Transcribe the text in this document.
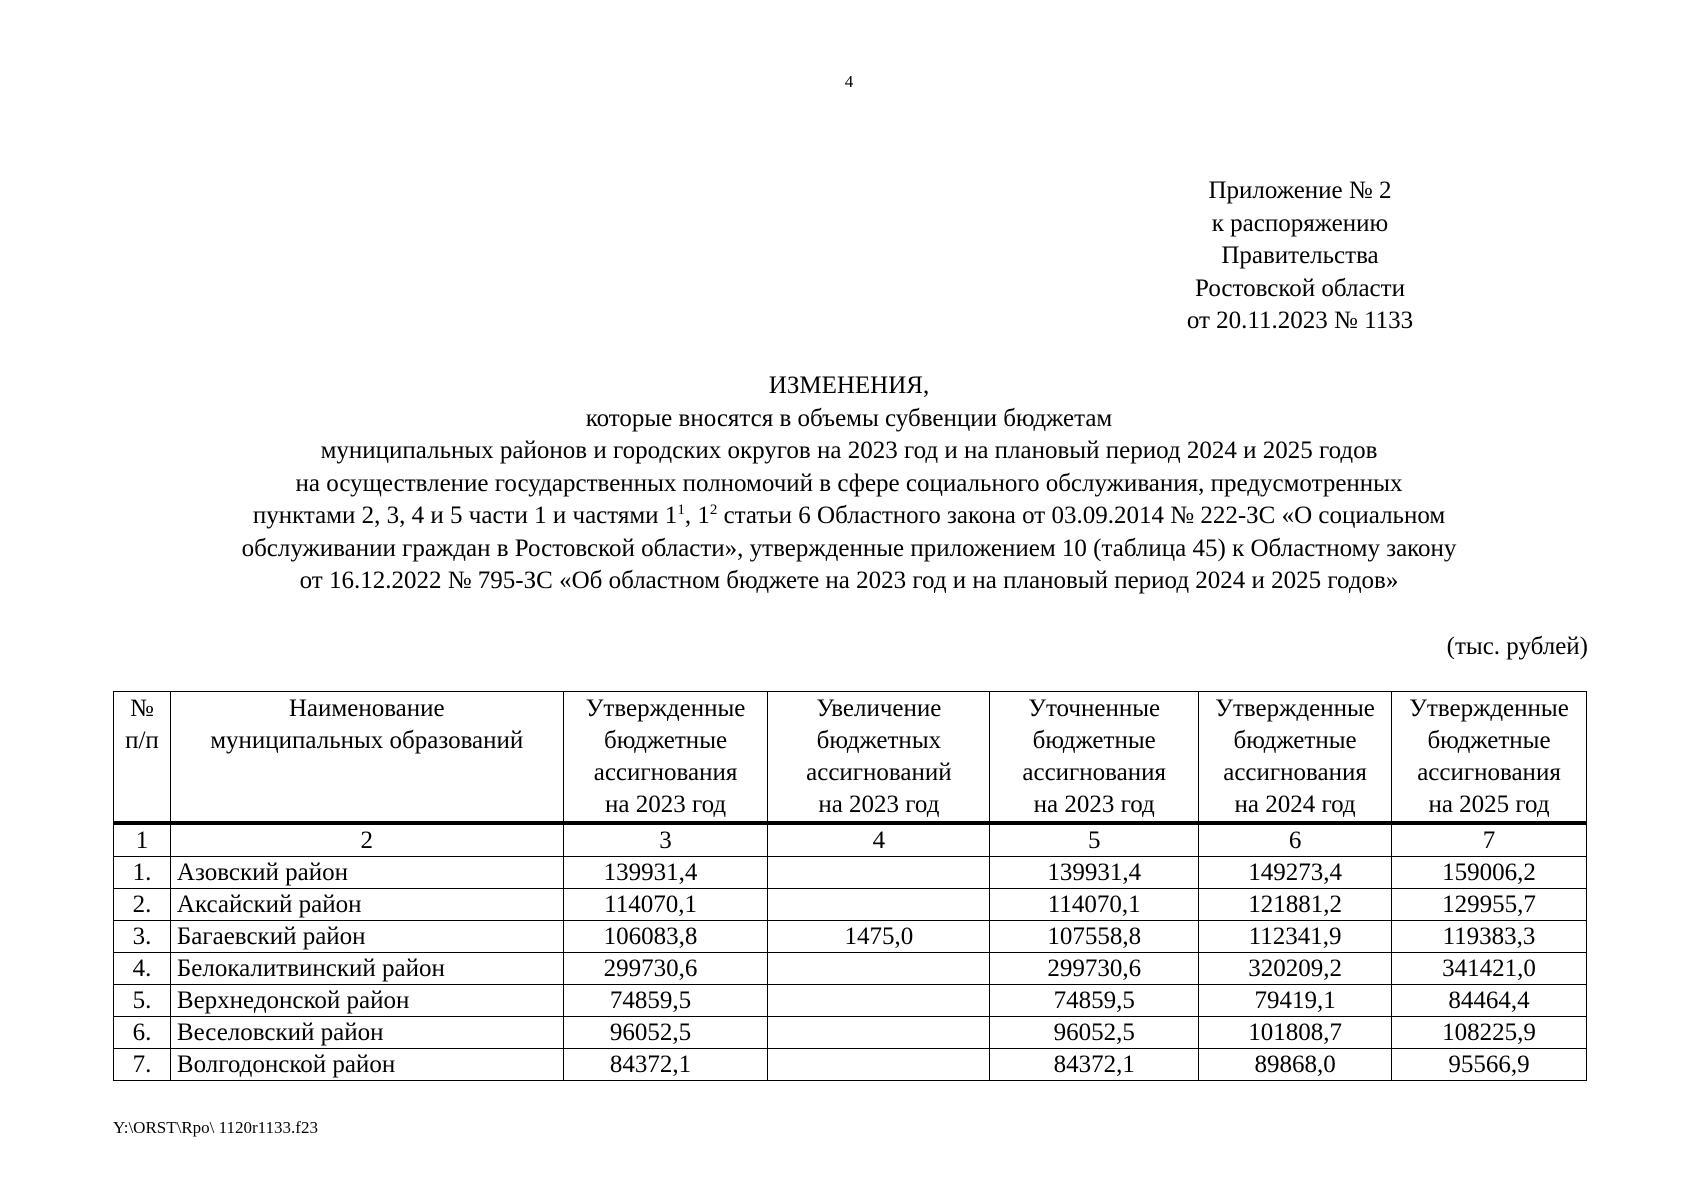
4
Приложение № 2
к распоряжению
Правительства
Ростовской области
от 20.11.2023 № 1133
ИЗМЕНЕНИЯ,
которые вносятся в объемы субвенции бюджетам
муниципальных районов и городских округов на 2023 год и на плановый период 2024 и 2025 годов
на осуществление государственных полномочий в сфере социального обслуживания, предусмотренных
пунктами 2, 3, 4 и 5 части 1 и частями $1^1$, $1^2$ статьи 6 Областного закона от 03.09.2014 № 222-ЗС «О социальном
обслуживании граждан в Ростовской области», утвержденные приложением 10 (таблица 45) к Областному закону
от 16.12.2022 № 795-ЗС «Об областном бюджете на 2023 год и на плановый период 2024 и 2025 годов»
(тыс. рублей)
№
п/п	Наименование
муниципальных образований	Утвержденные
бюджетные
ассигнования
на 2023 год	Увеличение
бюджетных
ассигнований
на 2023 год	Уточненные
бюджетные
ассигнования
на 2023 год	Утвержденные
бюджетные
ассигнования
на 2024 год	Утвержденные
бюджетные
ассигнования
на 2025 год
1	2	3	4	5	6	7
1.	Азовский район	139931,4		139931,4	149273,4	159006,2
2.	Аксайский район	114070,1		114070,1	121881,2	129955,7
3.	Багаевский район	106083,8	1475,0	107558,8	112341,9	119383,3
4.	Белокалитвинский район	299730,6		299730,6	320209,2	341421,0
5.	Верхнедонской район	74859,5		74859,5	79419,1	84464,4
6.	Веселовский район	96052,5		96052,5	101808,7	108225,9
7.	Волгодонской район	84372,1		84372,1	89868,0	95566,9
Y:\ORST\Rpo\ 1120r1133.f23
